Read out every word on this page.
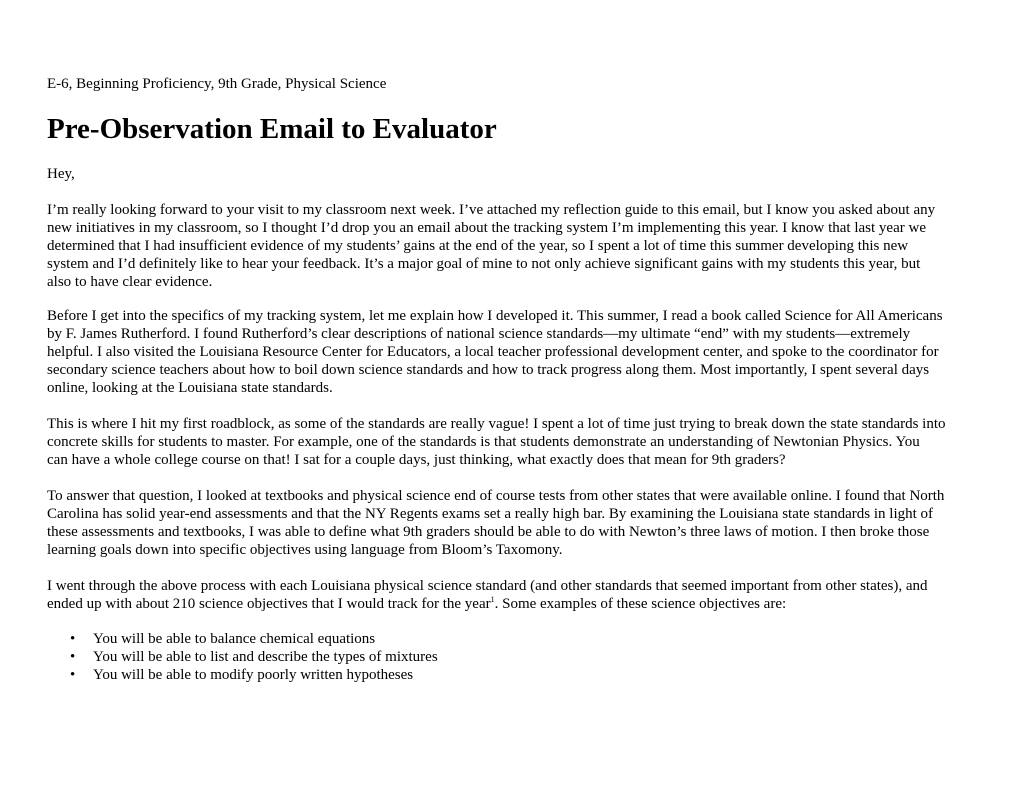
E-6, Beginning Proficiency, 9th Grade, Physical Science
Pre-Observation Email to Evaluator
Hey,

I’m really looking forward to your visit to my classroom next week. I’ve attached my reflection guide to this email, but I know you asked about any
new initiatives in my classroom, so I thought I’d drop you an email about the tracking system I’m implementing this year. I know that last year we
determined that I had insufficient evidence of my students’ gains at the end of the year, so I spent a lot of time this summer developing this new
system and I’d definitely like to hear your feedback. It’s a major goal of mine to not only achieve significant gains with my students this year, but
also to have clear evidence.

Before I get into the specifics of my tracking system, let me explain how I developed it. This summer, I read a book called Science for All Americans
by F. James Rutherford. I found Rutherford’s clear descriptions of national science standards—my ultimate “end” with my students—extremely
helpful. I also visited the Louisiana Resource Center for Educators, a local teacher professional development center, and spoke to the coordinator for
secondary science teachers about how to boil down science standards and how to track progress along them. Most importantly, I spent several days
online, looking at the Louisiana state standards.

This is where I hit my first roadblock, as some of the standards are really vague! I spent a lot of time just trying to break down the state standards into
concrete skills for students to master. For example, one of the standards is that students demonstrate an understanding of Newtonian Physics. You
can have a whole college course on that! I sat for a couple days, just thinking, what exactly does that mean for 9th graders?

To answer that question, I looked at textbooks and physical science end of course tests from other states that were available online. I found that North
Carolina has solid year-end assessments and that the NY Regents exams set a really high bar. By examining the Louisiana state standards in light of
these assessments and textbooks, I was able to define what 9th graders should be able to do with Newton’s three laws of motion. I then broke those
learning goals down into specific objectives using language from Bloom’s Taxomony.

I went through the above process with each Louisiana physical science standard (and other standards that seemed important from other states), and
ended up with about 210 science objectives that I would track for the year$^1$. Some examples of these science objectives are:

• You will be able to balance chemical equations
• You will be able to list and describe the types of mixtures
• You will be able to modify poorly written hypotheses
